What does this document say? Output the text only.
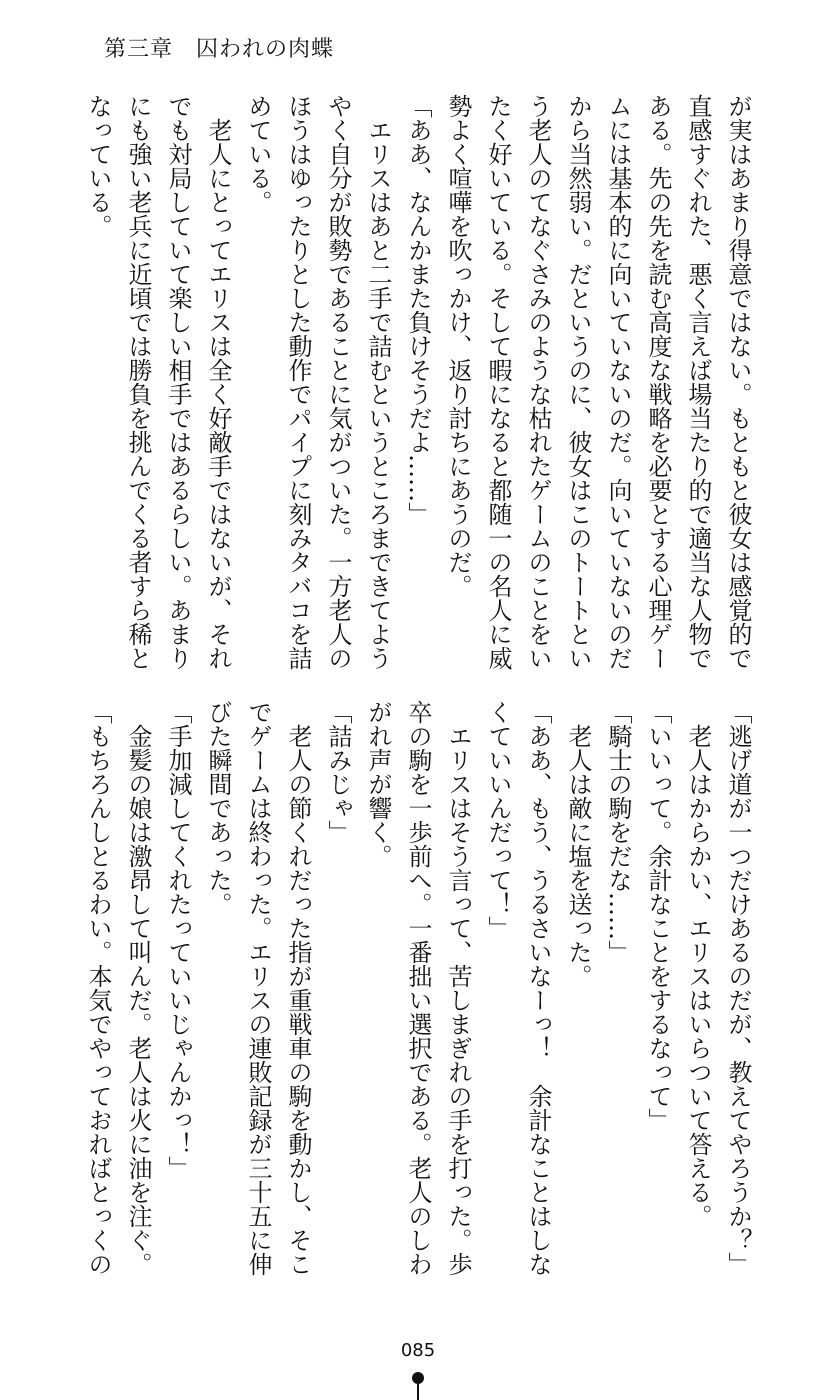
第三章　 囚われの肉蝶

が実はあまり得意ではない。もともと彼女は感覚的で

直感すぐれた、悪く言えば場当たり的で適当な人物で

ある。先の先を読む高度な戦略を必要とする心理ゲー

ムには基本的に向いていないのだ。向いていないのだ

から当然弱い。だというのに、彼女はこのトートとい

う老人のてなぐさみのような枯れたゲームのことをい

たく好いている。そして暇になると都随一の名人に威

勢よく喧嘩を吹っかけ、返り討ちにあうのだ。

「ああ、なんかまた負けそうだよ……」

　エリスはあと二手で詰むというところまできてよう

やく自分が敗勢であることに気がついた。一方老人の

ほうはゆったりとした動作でパイプに刻みタバコを詰

めている。

　老人にとってエリスは全く好敵手ではないが、それ

でも対局していて楽しい相手ではあるらしい。あまり

にも強い老兵に近頃では勝負を挑んでくる者すら稀と

なっている。

「逃げ道が一つだけあるのだが、教えてやろうか？」

　老人はからかい、エリスはいらついて答える。

「いいって。余計なことをするなって」

「騎士の駒をだな……」

　老人は敵に塩を送った。

「ああ、もう、うるさいなーっ！　余計なことはしな

くていいんだって！」

　エリスはそう言って、苦しまぎれの手を打った。歩

卒の駒を一歩前へ。一番拙い選択である。老人のしわ

がれ声が響く。

「詰みじゃ」

　老人の節くれだった指が重戦車の駒を動かし、そこ

でゲームは終わった。エリスの連敗記録が三十五に伸

びた瞬間であった。

「手加減してくれたっていいじゃんかっ！」

　金髪の娘は激昂して叫んだ。老人は火に油を注ぐ。

「もちろんしとるわい。本気でやっておればとっくの

085
